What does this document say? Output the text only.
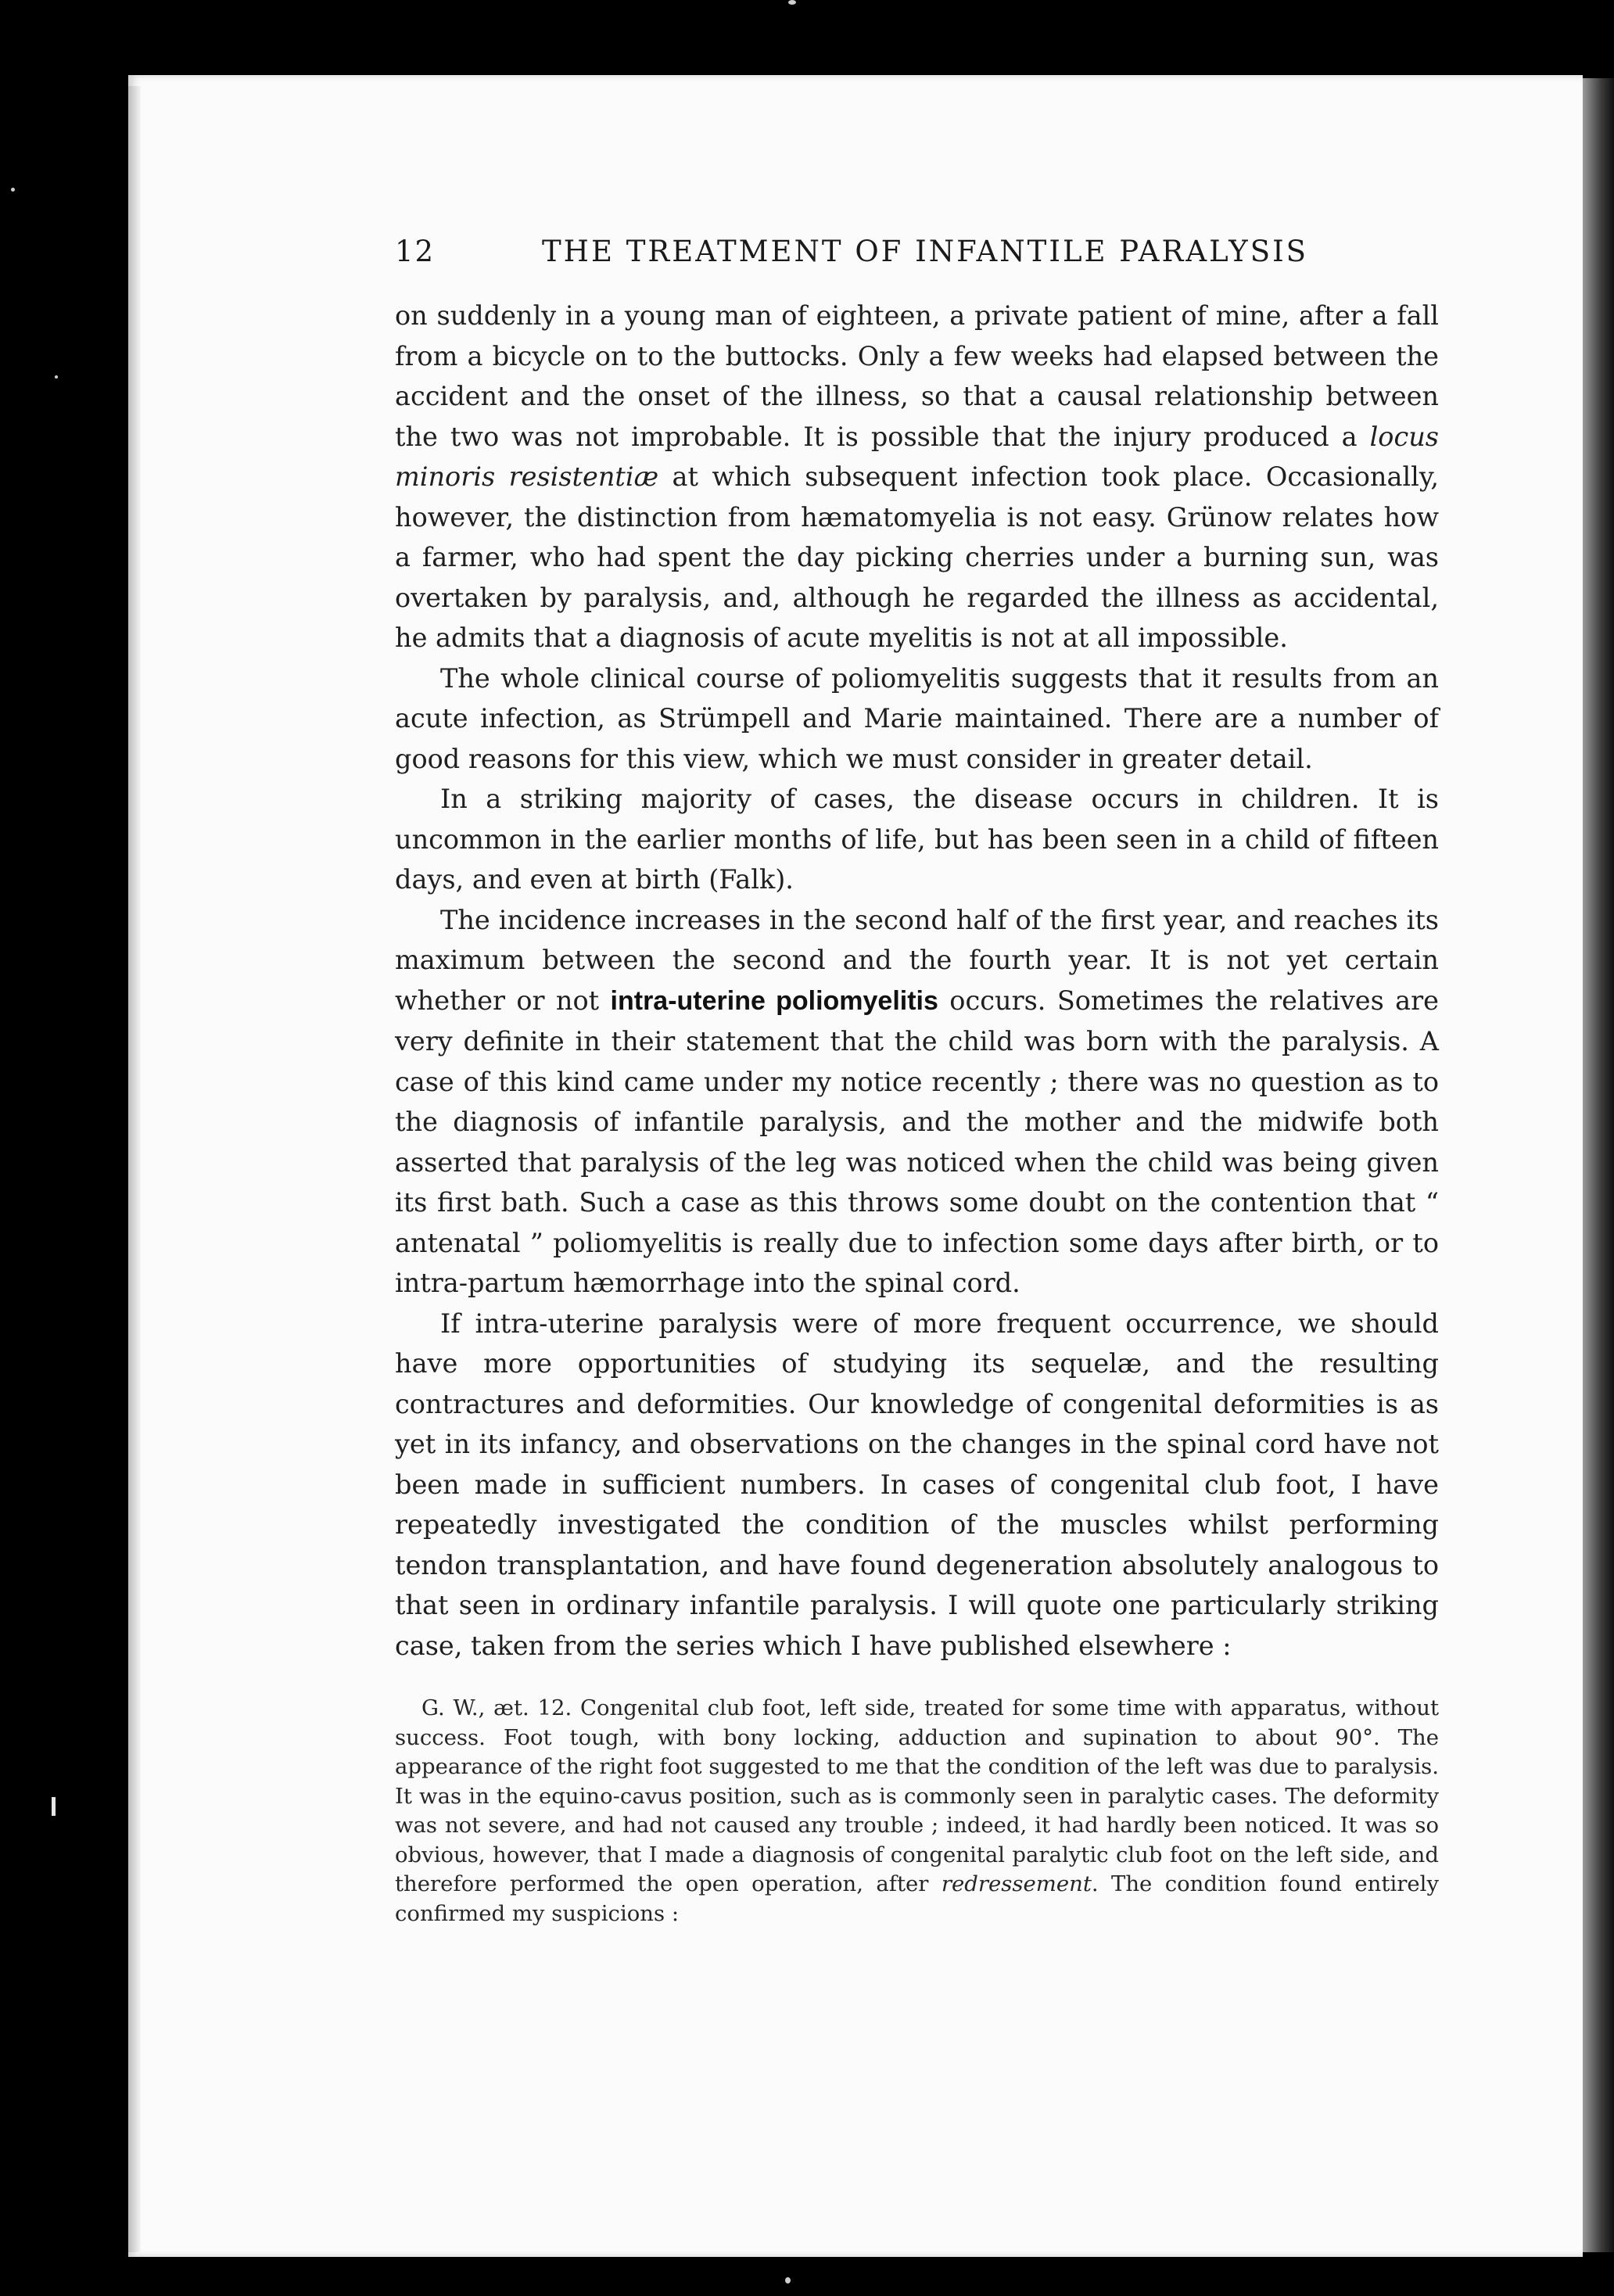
12	THE TREATMENT OF INFANTILE PARALYSIS

on suddenly in a young man of eighteen, a private patient of mine, after a fall from a bicycle on to the buttocks. Only a few weeks had elapsed between the accident and the onset of the illness, so that a causal relationship between the two was not improbable. It is possible that the injury produced a locus minoris resistentiæ at which subsequent infection took place. Occasionally, however, the distinction from hæmatomyelia is not easy. Grünow relates how a farmer, who had spent the day picking cherries under a burning sun, was overtaken by paralysis, and, although he regarded the illness as accidental, he admits that a diagnosis of acute myelitis is not at all impossible.

The whole clinical course of poliomyelitis suggests that it results from an acute infection, as Strümpell and Marie maintained. There are a number of good reasons for this view, which we must consider in greater detail.

In a striking majority of cases, the disease occurs in children. It is uncommon in the earlier months of life, but has been seen in a child of fifteen days, and even at birth (Falk).

The incidence increases in the second half of the first year, and reaches its maximum between the second and the fourth year. It is not yet certain whether or not intra-uterine poliomyelitis occurs. Sometimes the relatives are very definite in their statement that the child was born with the paralysis. A case of this kind came under my notice recently ; there was no question as to the diagnosis of infantile paralysis, and the mother and the midwife both asserted that paralysis of the leg was noticed when the child was being given its first bath. Such a case as this throws some doubt on the contention that “ antenatal ” poliomyelitis is really due to infection some days after birth, or to intra-partum hæmorrhage into the spinal cord.

If intra-uterine paralysis were of more frequent occurrence, we should have more opportunities of studying its sequelæ, and the resulting contractures and deformities. Our knowledge of congenital deformities is as yet in its infancy, and observations on the changes in the spinal cord have not been made in sufficient numbers. In cases of congenital club foot, I have repeatedly investigated the condition of the muscles whilst performing tendon transplantation, and have found degeneration absolutely analogous to that seen in ordinary infantile paralysis. I will quote one particularly striking case, taken from the series which I have published elsewhere :

G. W., æt. 12. Congenital club foot, left side, treated for some time with apparatus, without success. Foot tough, with bony locking, adduction and supination to about 90°. The appearance of the right foot suggested to me that the condition of the left was due to paralysis. It was in the equino-cavus position, such as is commonly seen in paralytic cases. The deformity was not severe, and had not caused any trouble ; indeed, it had hardly been noticed. It was so obvious, however, that I made a diagnosis of congenital paralytic club foot on the left side, and therefore performed the open operation, after redressement. The condition found entirely confirmed my suspicions :
